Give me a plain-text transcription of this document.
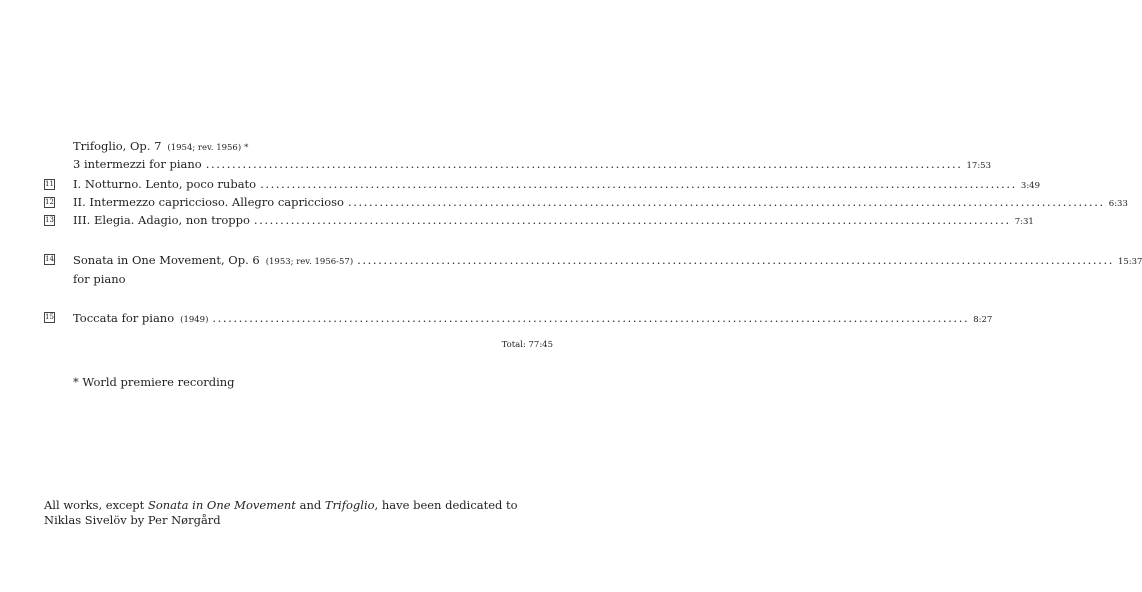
Trifoglio, Op. 7 (1954; rev. 1956) *
3 intermezzi for piano ................................................................................................................................................ 17:53
11 I. Notturno. Lento, poco rubato ................................................................................................................................................ 3:49
12 II. Intermezzo capriccioso. Allegro capriccioso ................................................................................................................................................ 6:33
13 III. Elegia. Adagio, non troppo ................................................................................................................................................ 7:31
14 Sonata in One Movement, Op. 6 (1953; rev. 1956-57) ................................................................................................................................................ 15:37
for piano
15 Toccata for piano (1949) ................................................................................................................................................ 8:27
Total: 77:45
* World premiere recording
All works, except Sonata in One Movement and Trifoglio, have been dedicated to
Niklas Sivelöv by Per Nørgård
